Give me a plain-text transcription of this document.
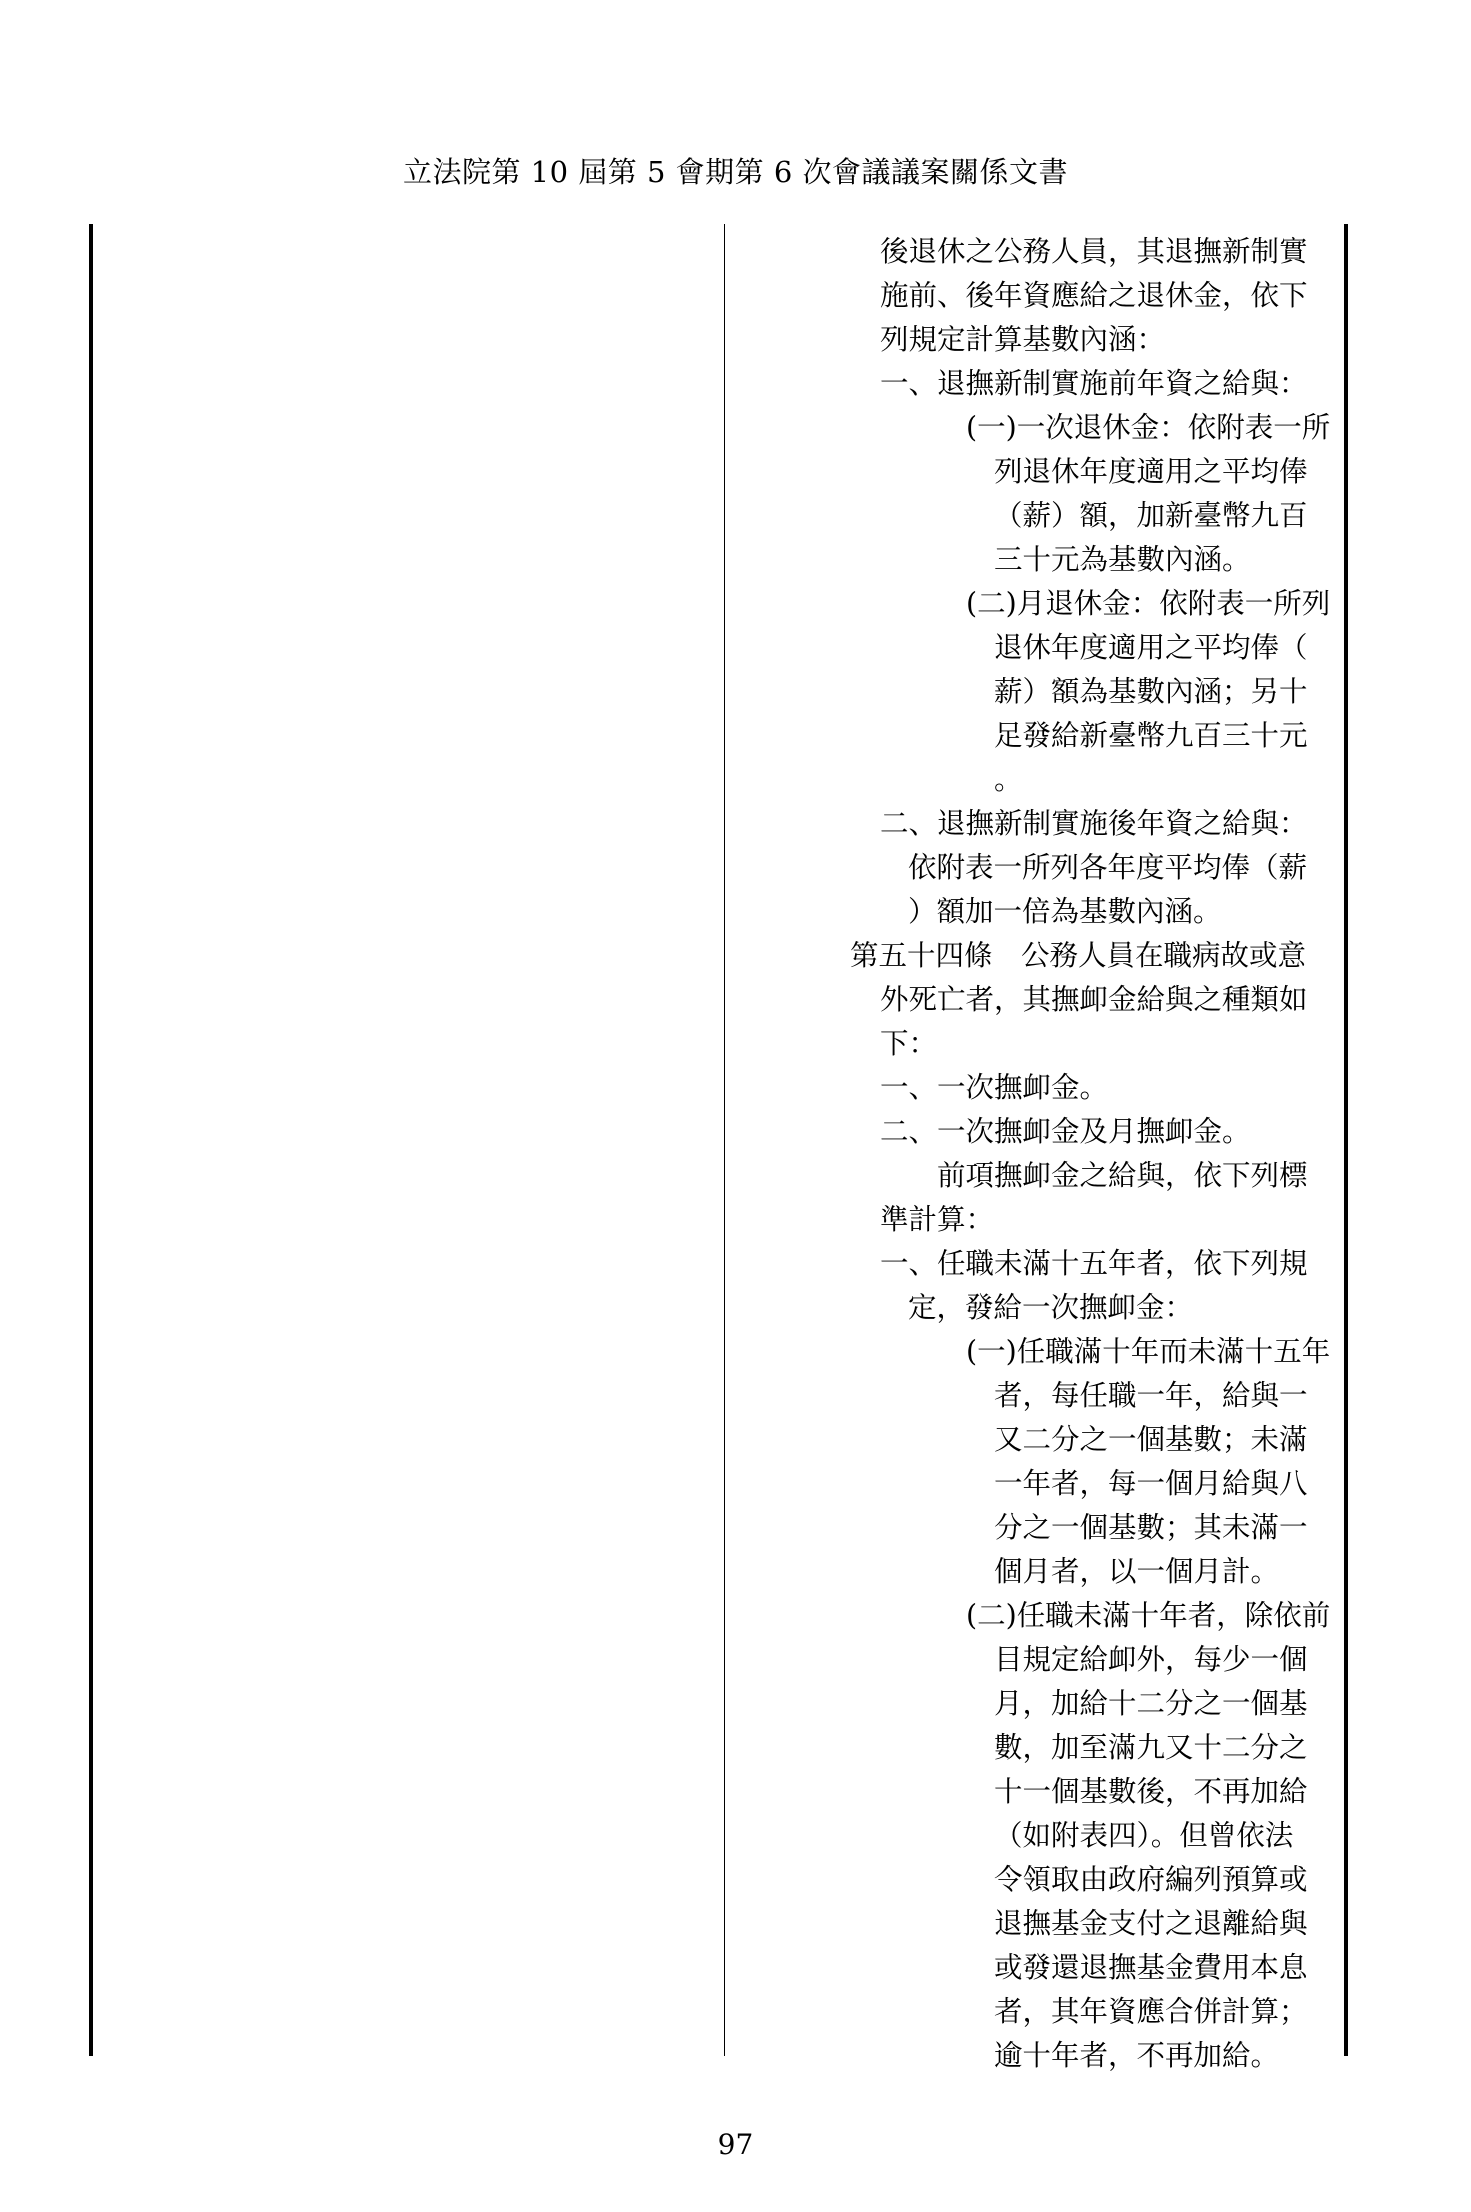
立法院第 10 屆第 5 會期第 6 次會議議案關係文書
後退休之公務人員，其退撫新制實
施前、後年資應給之退休金，依下
列規定計算基數內涵：
一、退撫新制實施前年資之給與：
(一)一次退休金：依附表一所
列退休年度適用之平均俸
（薪）額，加新臺幣九百
三十元為基數內涵。
(二)月退休金：依附表一所列
退休年度適用之平均俸（
薪）額為基數內涵；另十
足發給新臺幣九百三十元
。
二、退撫新制實施後年資之給與：
依附表一所列各年度平均俸（薪
）額加一倍為基數內涵。
第五十四條　公務人員在職病故或意
外死亡者，其撫卹金給與之種類如
下：
一、一次撫卹金。
二、一次撫卹金及月撫卹金。
　　前項撫卹金之給與，依下列標
準計算：
一、任職未滿十五年者，依下列規
定，發給一次撫卹金：
(一)任職滿十年而未滿十五年
者，每任職一年，給與一
又二分之一個基數；未滿
一年者，每一個月給與八
分之一個基數；其未滿一
個月者，以一個月計。
(二)任職未滿十年者，除依前
目規定給卹外，每少一個
月，加給十二分之一個基
數，加至滿九又十二分之
十一個基數後，不再加給
（如附表四）。但曾依法
令領取由政府編列預算或
退撫基金支付之退離給與
或發還退撫基金費用本息
者，其年資應合併計算；
逾十年者，不再加給。
97
